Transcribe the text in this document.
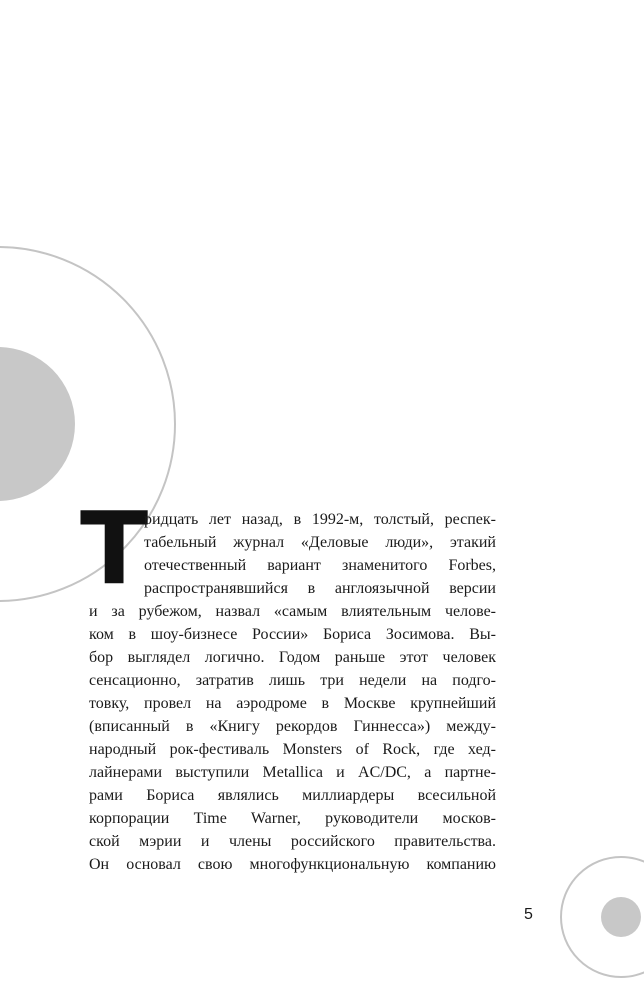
Т
ридцать лет назад, в 1992-м, толстый, респек-
табельный журнал «Деловые люди», этакий
отечественный вариант знаменитого Forbes,
распространявшийся в англоязычной версии
и за рубежом, назвал «самым влиятельным челове-
ком в шоу-бизнесе России» Бориса Зосимова. Вы-
бор выглядел логично. Годом раньше этот человек
сенсационно, затратив лишь три недели на подго-
товку, провел на аэродроме в Москве крупнейший
(вписанный в «Книгу рекордов Гиннесса») между-
народный рок-фестиваль Monsters of Rock, где хед-
лайнерами выступили Metallica и AC/DC, а партне-
рами Бориса являлись миллиардеры всесильной
корпорации Time Warner, руководители москов-
ской мэрии и члены российского правительства.
Он основал свою многофункциональную компанию
5
